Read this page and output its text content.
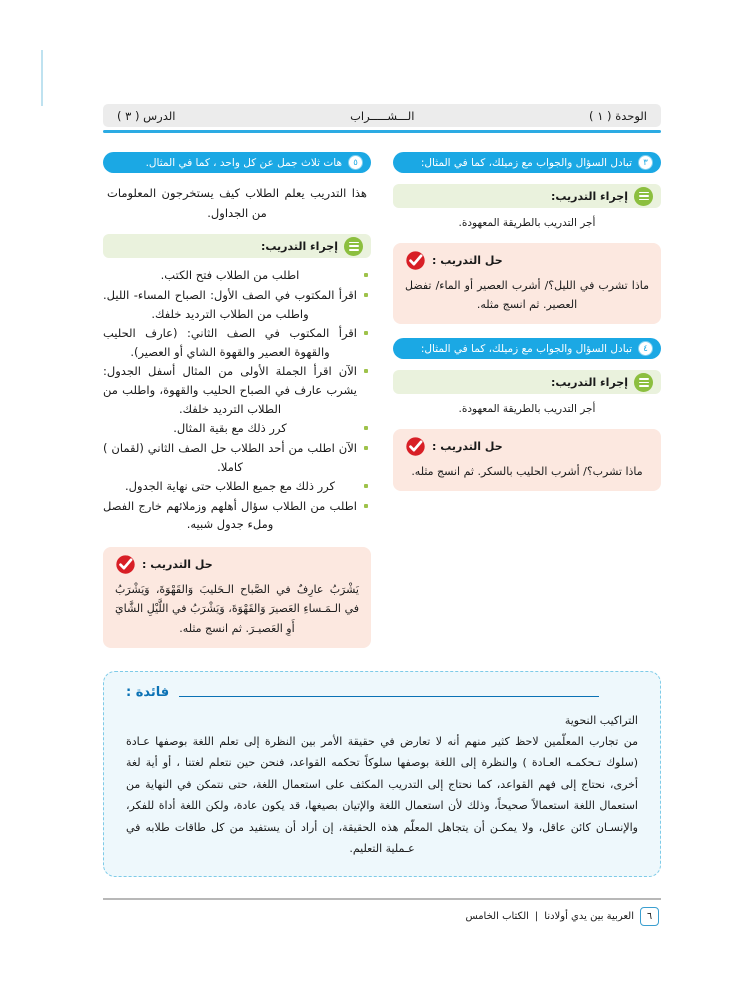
الوحدة ( ١ )
الـــشـــــراب
الدرس ( ٣ )
٣
تبادل السؤال والجواب مع زميلك، كما في المثال:
إجراء التدريب:
أجر التدريب بالطريقة المعهودة.
حل التدريب :
ماذا تشرب في الليل؟/ أشرب العصير أو الماء/ تفضل العصير. ثم انسج مثله.
٤
تبادل السؤال والجواب مع زميلك، كما في المثال:
إجراء التدريب:
أجر التدريب بالطريقة المعهودة.
حل التدريب :
ماذا تشرب؟/ أشرب الحليب بالسكر. ثم انسج مثله.
٥
هات ثلاث جمل عن كل واحد ، كما في المثال.
هذا التدريب يعلم الطلاب كيف يستخرجون المعلومات من الجداول.
إجراء التدريب:
اطلب من الطلاب فتح الكتب.
اقرأ المكتوب في الصف الأول: الصباح المساء- الليل. واطلب من الطلاب الترديد خلفك.
اقرأ المكتوب في الصف الثاني: (عارف الحليب والقهوة العصير والقهوة الشاي أو العصير).
الآن اقرأ الجملة الأولى من المثال أسفل الجدول: يشرب عارف في الصباح الحليب والقهوة، واطلب من الطلاب الترديد خلفك.
كرر ذلك مع بقية المثال.
الآن اطلب من أحد الطلاب حل الصف الثاني (لقمان ) كاملا.
كرر ذلك مع جميع الطلاب حتى نهاية الجدول.
اطلب من الطلاب سؤال أهلهم وزملائهم خارج الفصل وملء جدول شبيه.
حل التدريب :
يَشْرَبُ عارِفٌ في الصَّباح الـحَليبَ وَالقَهْوَةَ، وَيَشْرَبُ في الـمَـساءِ العَصيرَ وَالقَهْوَةَ، وَيَشْرَبُ في اللَّيْلِ الشَّايَ أَوِ العَصيـرَ. ثم انسج مثله.
فائدة :
التراكيب النحوية
من تجارب المعلّمين لاحظ كثير منهم أنه لا تعارض في حقيقة الأمر بين النظرة إلى تعلم اللغة بوصفها عـادة (سلوك تـحكمـه العـادة ) والنظرة إلى اللغة بوصفها سلوكاً تحكمه القواعد، فنحن حين نتعلم لغتنا ، أو أية لغة أخرى، نحتاج إلى فهم القواعد، كما نحتاج إلى التدريب المكثف على استعمال اللغة، حتى نتمكن في النهاية من استعمال اللغة استعمالاً صحيحاً، وذلك لأن استعمال اللغة والإتيان بصيغها، قد يكون عادة، ولكن اللغة أداة للفكر، والإنسـان كائن عاقل، ولا يمكـن أن يتجاهل المعلّم هذه الحقيقة، إن أراد أن يستفيد من كل طاقات طلابه في عـملية التعليم.
٦
العربية بين يدي أولادنا
|
الكتاب الخامس
